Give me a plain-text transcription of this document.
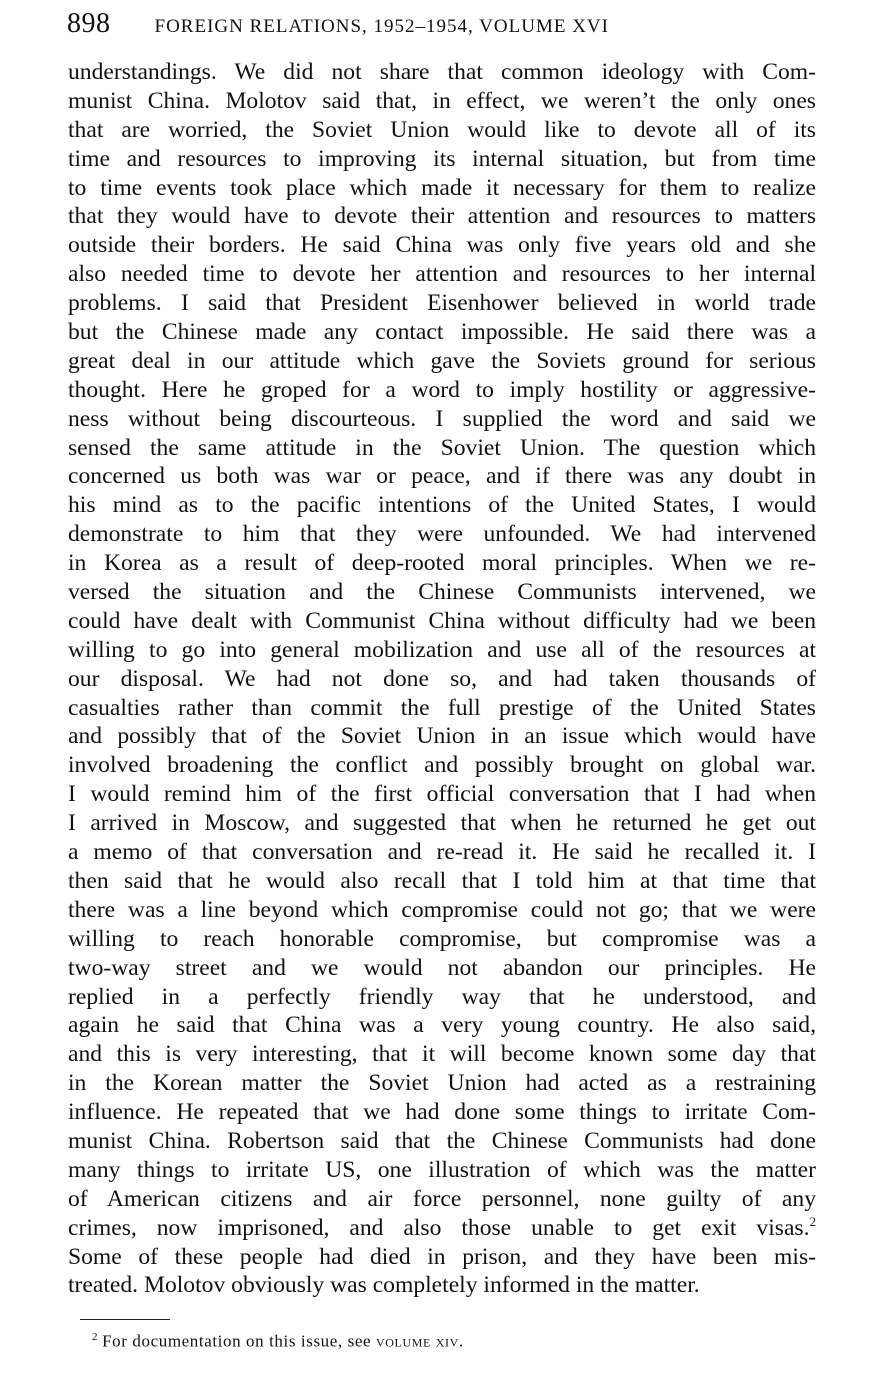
898 FOREIGN RELATIONS, 1952–1954, VOLUME XVI
understandings. We did not share that common ideology with Com-
munist China. Molotov said that, in effect, we weren’t the only ones
that are worried, the Soviet Union would like to devote all of its
time and resources to improving its internal situation, but from time
to time events took place which made it necessary for them to realize
that they would have to devote their attention and resources to matters
outside their borders. He said China was only five years old and she
also needed time to devote her attention and resources to her internal
problems. I said that President Eisenhower believed in world trade
but the Chinese made any contact impossible. He said there was a
great deal in our attitude which gave the Soviets ground for serious
thought. Here he groped for a word to imply hostility or aggressive-
ness without being discourteous. I supplied the word and said we
sensed the same attitude in the Soviet Union. The question which
concerned us both was war or peace, and if there was any doubt in
his mind as to the pacific intentions of the United States, I would
demonstrate to him that they were unfounded. We had intervened
in Korea as a result of deep-rooted moral principles. When we re-
versed the situation and the Chinese Communists intervened, we
could have dealt with Communist China without difficulty had we been
willing to go into general mobilization and use all of the resources at
our disposal. We had not done so, and had taken thousands of
casualties rather than commit the full prestige of the United States
and possibly that of the Soviet Union in an issue which would have
involved broadening the conflict and possibly brought on global war.
I would remind him of the first official conversation that I had when
I arrived in Moscow, and suggested that when he returned he get out
a memo of that conversation and re-read it. He said he recalled it. I
then said that he would also recall that I told him at that time that
there was a line beyond which compromise could not go; that we were
willing to reach honorable compromise, but compromise was a
two-way street and we would not abandon our principles. He
replied in a perfectly friendly way that he understood, and
again he said that China was a very young country. He also said,
and this is very interesting, that it will become known some day that
in the Korean matter the Soviet Union had acted as a restraining
influence. He repeated that we had done some things to irritate Com-
munist China. Robertson said that the Chinese Communists had done
many things to irritate US, one illustration of which was the matter
of American citizens and air force personnel, none guilty of any
crimes, now imprisoned, and also those unable to get exit visas.$^2$
Some of these people had died in prison, and they have been mis-
treated. Molotov obviously was completely informed in the matter.
$^2$ For documentation on this issue, see volume xiv.
